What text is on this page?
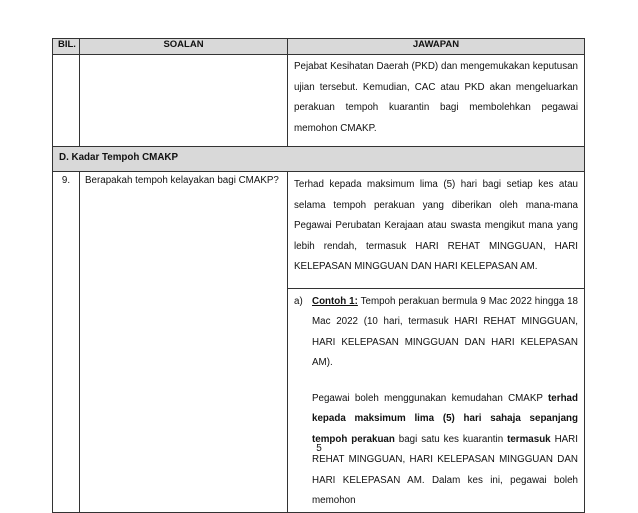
BIL.	SOALAN	JAWAPAN
		Pejabat Kesihatan Daerah (PKD) dan mengemukakan keputusan ujian tersebut. Kemudian, CAC atau PKD akan mengeluarkan perakuan tempoh kuarantin bagi membolehkan pegawai memohon CMAKP.
D. Kadar Tempoh CMAKP		
9.	Berapakah tempoh kelayakan bagi CMAKP?	Terhad kepada maksimum lima (5) hari bagi setiap kes atau selama tempoh perakuan yang diberikan oleh mana-mana Pegawai Perubatan Kerajaan atau swasta mengikut mana yang lebih rendah, termasuk HARI REHAT MINGGUAN, HARI KELEPASAN MINGGUAN DAN HARI KELEPASAN AM.

		a) Contoh 1: Tempoh perakuan bermula 9 Mac 2022 hingga 18 Mac 2022 (10 hari, termasuk HARI REHAT MINGGUAN, HARI KELEPASAN MINGGUAN DAN HARI KELEPASAN AM).
Pegawai boleh menggunakan kemudahan CMAKP terhad kepada maksimum lima (5) hari sahaja sepanjang tempoh perakuan bagi satu kes kuarantin termasuk HARI REHAT MINGGUAN, HARI KELEPASAN MINGGUAN DAN HARI KELEPASAN AM. Dalam kes ini, pegawai boleh memohon
5
